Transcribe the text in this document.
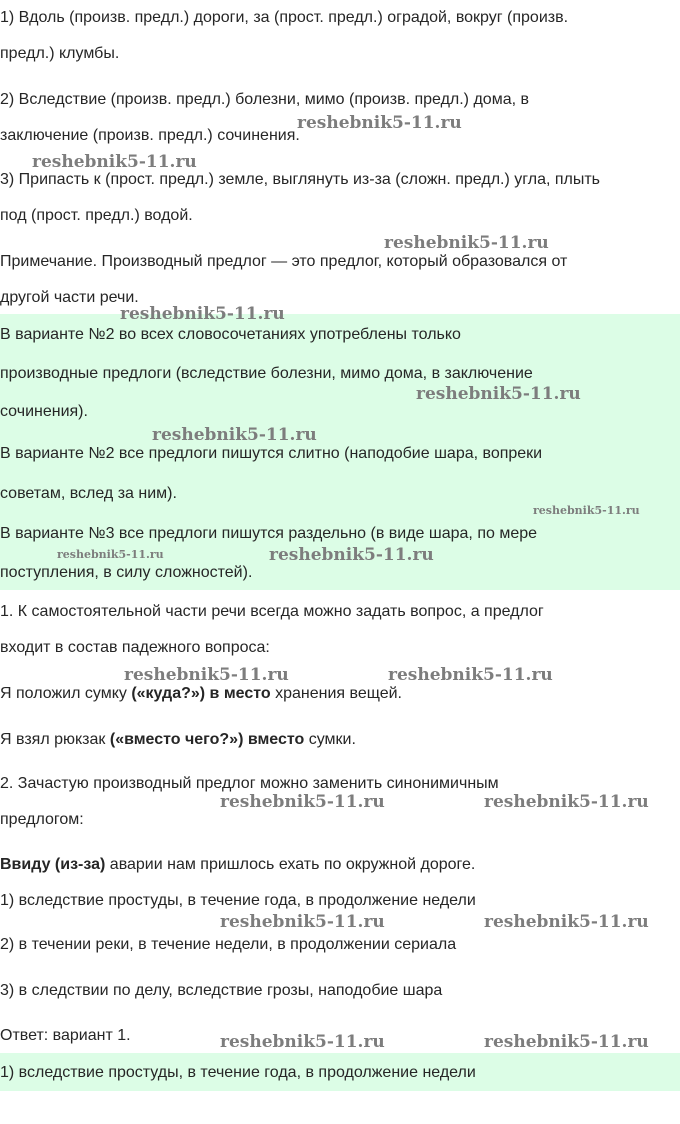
1) Вдоль (произв. предл.) дороги, за (прост. предл.) оградой, вокруг (произв.
предл.) клумбы.
2) Вследствие (произв. предл.) болезни, мимо (произв. предл.) дома, в
заключение (произв. предл.) сочинения.
3) Припасть к (прост. предл.) земле, выглянуть из-за (сложн. предл.) угла, плыть
под (прост. предл.) водой.
Примечание. Производный предлог — это предлог, который образовался от
другой части речи.
В варианте №2 во всех словосочетаниях употреблены только
производные предлоги (вследствие болезни, мимо дома, в заключение
сочинения).
В варианте №2 все предлоги пишутся слитно (наподобие шара, вопреки
советам, вслед за ним).
В варианте №3 все предлоги пишутся раздельно (в виде шара, по мере
поступления, в силу сложностей).
1. К самостоятельной части речи всегда можно задать вопрос, а предлог
входит в состав падежного вопроса:
Я положил сумку («куда?») в место хранения вещей.
Я взял рюкзак («вместо чего?») вместо сумки.
2. Зачастую производный предлог можно заменить синонимичным
предлогом:
Ввиду (из-за) аварии нам пришлось ехать по окружной дороге.
1) вследствие простуды, в течение года, в продолжение недели
2) в течении реки, в течение недели, в продолжении сериала
3) в следствии по делу, вследствие грозы, наподобие шара
Ответ: вариант 1.
1) вследствие простуды, в течение года, в продолжение недели
reshebnik5-11.ru
reshebnik5-11.ru
reshebnik5-11.ru
reshebnik5-11.ru
reshebnik5-11.ru
reshebnik5-11.ru
reshebnik5-11.ru
reshebnik5-11.ru	reshebnik5-11.ru
reshebnik5-11.ru	reshebnik5-11.ru
reshebnik5-11.ru	reshebnik5-11.ru
reshebnik5-11.ru	reshebnik5-11.ru
reshebnik5-11.ru	reshebnik5-11.ru
